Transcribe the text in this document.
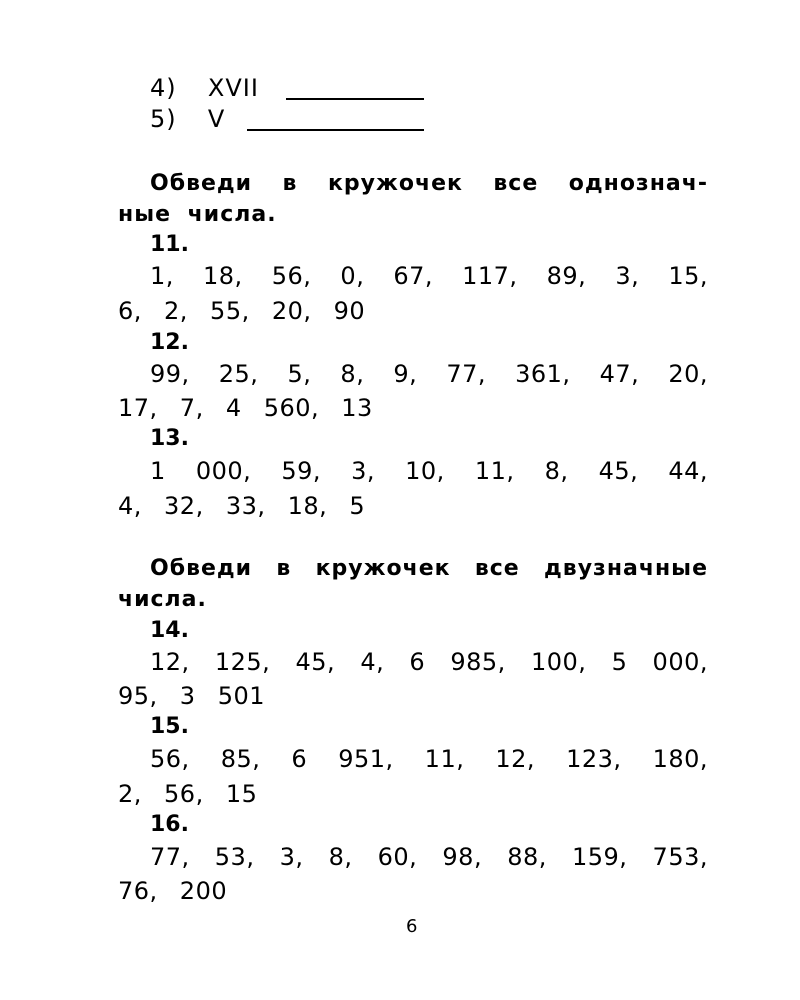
4) XVII
5) V
Обведи в кружочек все однознач-
ные числа.
11.
1, 18, 56, 0, 67, 117, 89, 3, 15,
6, 2, 55, 20, 90
12.
99, 25, 5, 8, 9, 77, 361, 47, 20,
17, 7, 4 560, 13
13.
1 000, 59, 3, 10, 11, 8, 45, 44,
4, 32, 33, 18, 5
Обведи в кружочек все двузначные
числа.
14.
12, 125, 45, 4, 6 985, 100, 5 000,
95, 3 501
15.
56, 85, 6 951, 11, 12, 123, 180,
2, 56, 15
16.
77, 53, 3, 8, 60, 98, 88, 159, 753,
76, 200
6
